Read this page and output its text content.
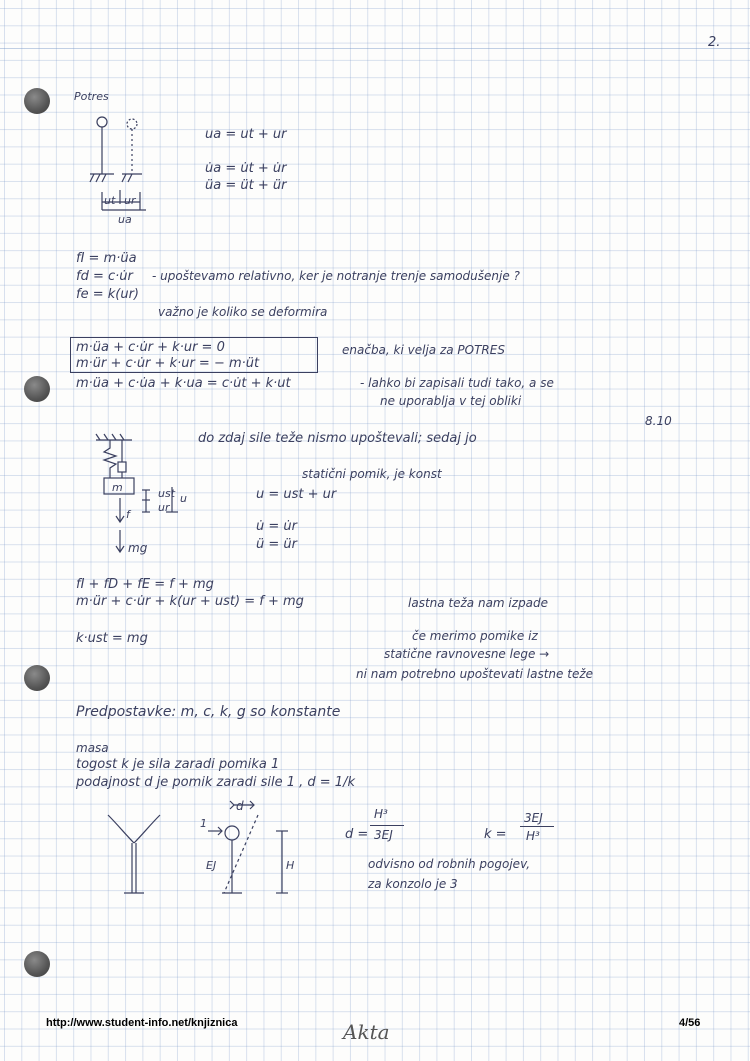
2.
Potres
ut ur
ua
ua = ut + ur
u̇a = u̇t + u̇r
üa = üt + ür
fI = m·üa
fd = c·u̇r - upoštevamo relativno, ker je notranje trenje samodušenje ?
fe = k(ur)
važno je koliko se deformira
m·üa + c·u̇r + k·ur = 0
m·ür + c·u̇r + k·ur = − m·üt
enačba, ki velja za POTRES
m·üa + c·u̇a + k·ua = c·u̇t + k·ut	- lahko bi zapisali tudi tako, a se
ne uporablja v tej obliki
8.10
do zdaj sile teže nismo upoštevali; sedaj jo
statični pomik, je konst
m	ust
ur
u
f
mg
u = ust + ur
u̇ = u̇r
ü = ür
fI + fD + fE = f + mg
m·ür + c·u̇r + k(ur + ust) = f + mg	lastna teža nam izpade
k·ust = mg	če merimo pomike iz
statične ravnovesne lege →
ni nam potrebno upoštevati lastne teže
Predpostavke: m, c, k, g so konstante
masa
togost k je sila zaradi pomika 1
podajnost d je pomik zaradi sile 1 , d = 1/k
d
1
EJ	H
d =
H³
3EJ	k =
3EJ
H³
odvisno od robnih pogojev,
za konzolo je 3
http://www.student-info.net/knjiznica	Akta	4/56
